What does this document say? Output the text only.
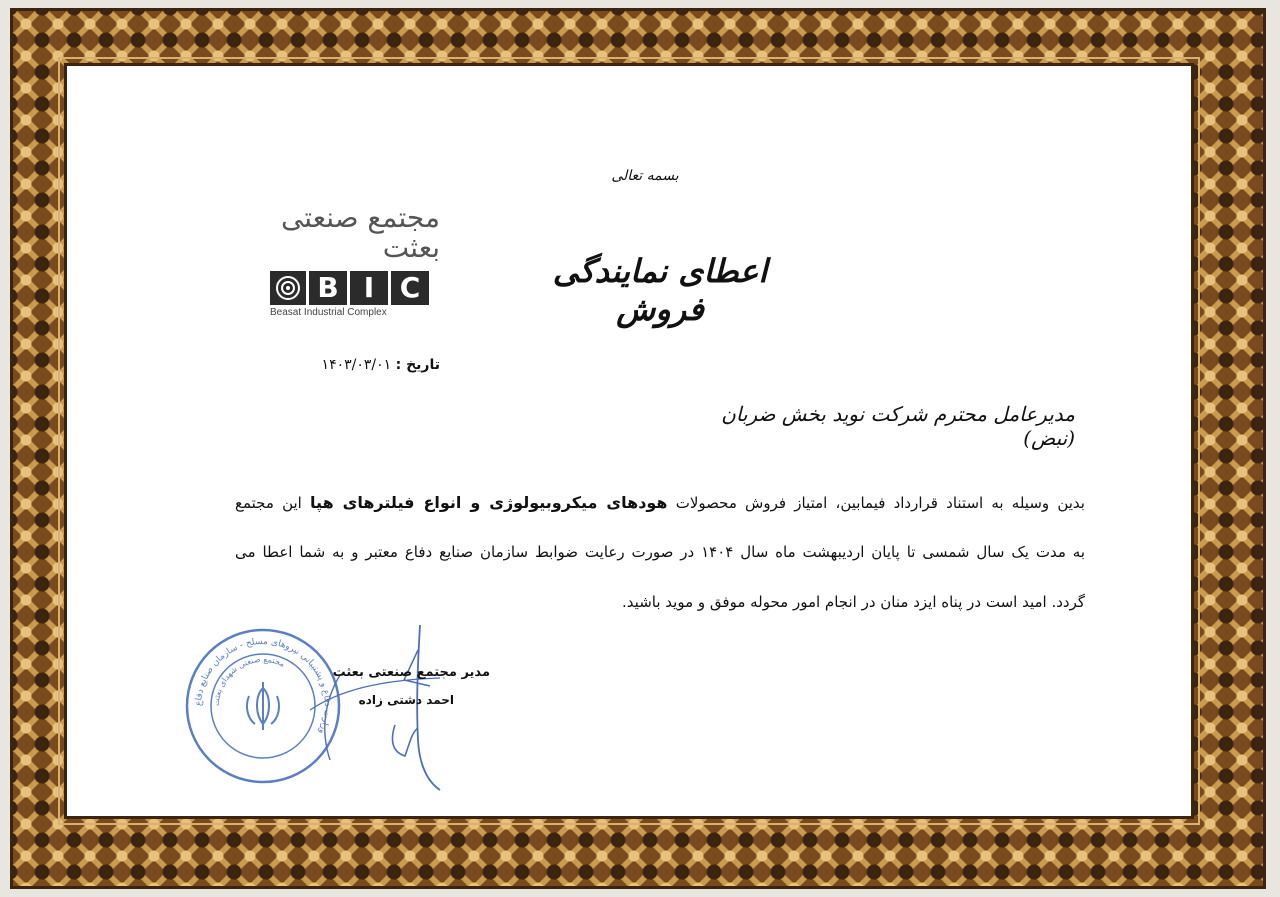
بسمه تعالی
اعطای نمایندگی فروش
مجتمع صنعتی بعثت
B I C
Beasat Industrial Complex
تاریخ : ۱۴۰۳/۰۳/۰۱
مدیرعامل محترم شرکت نوید بخش ضربان (نبض)
بدین وسیله به استناد قرارداد فیمابین، امتیاز فروش محصولات هودهای میکروبیولوژی و انواع فیلترهای هپا این مجتمع
به مدت یک سال شمسی تا پایان اردیبهشت ماه سال ۱۴۰۴ در صورت رعایت ضوابط سازمان صنایع دفاع معتبر و به شما اعطا می
گردد. امید است در پناه ایزد منان در انجام امور محوله موفق و موید باشید.
وزارت دفاع و پشتیبانی نیروهای مسلح - سازمان صنایع دفاع
مجتمع صنعتی شهدای بعثت
مدیر مجتمع صنعتی بعثت
احمد دشتی زاده
